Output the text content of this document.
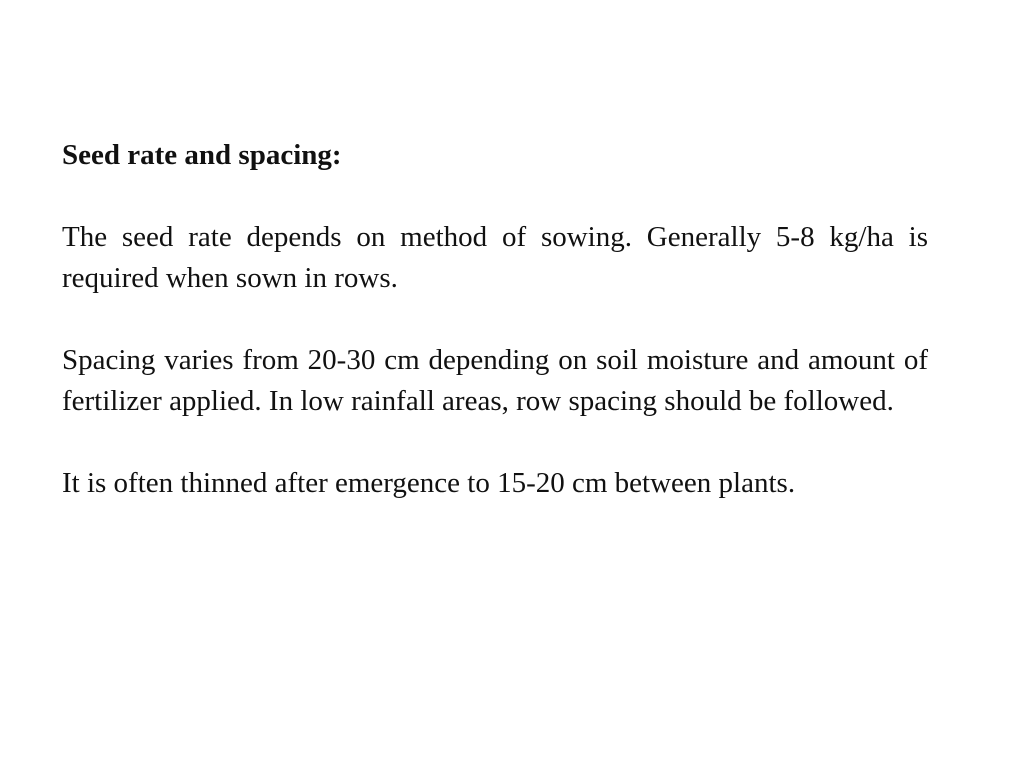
Seed rate and spacing:

The seed rate depends on method of sowing. Generally 5-8 kg/ha is required when sown in rows.

Spacing varies from 20-30 cm depending on soil moisture and amount of fertilizer applied. In low rainfall areas, row spacing should be followed.

It is often thinned after emergence to 15-20 cm between plants.
